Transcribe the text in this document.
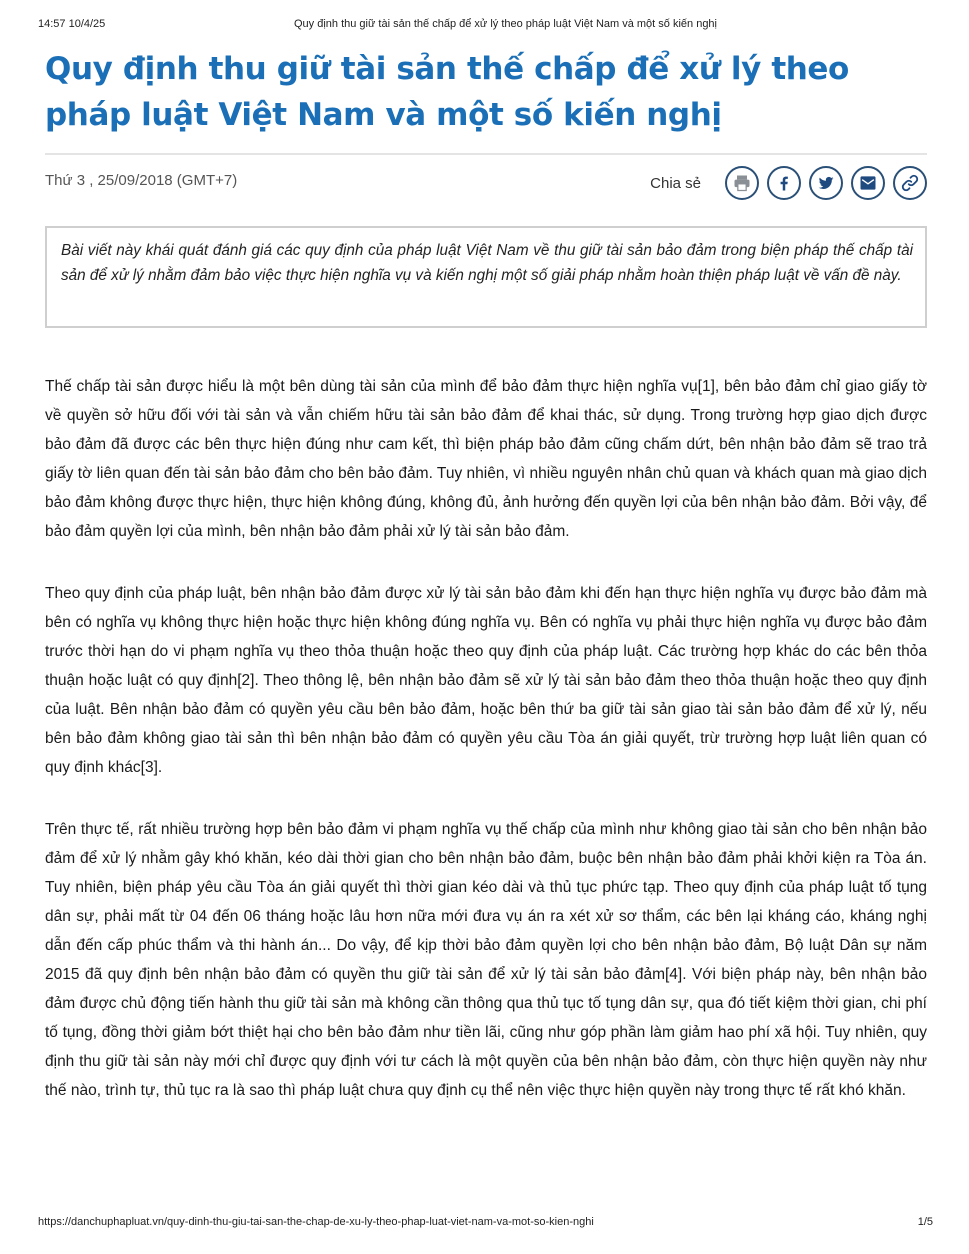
14:57 10/4/25	Quy định thu giữ tài sản thế chấp để xử lý theo pháp luật Việt Nam và một số kiến nghị
Quy định thu giữ tài sản thế chấp để xử lý theo pháp luật Việt Nam và một số kiến nghị
Thứ 3 , 25/09/2018 (GMT+7)	Chia sẻ
Bài viết này khái quát đánh giá các quy định của pháp luật Việt Nam về thu giữ tài sản bảo đảm trong biện pháp thế chấp tài sản để xử lý nhằm đảm bảo việc thực hiện nghĩa vụ và kiến nghị một số giải pháp nhằm hoàn thiện pháp luật về vấn đề này.

Thế chấp tài sản được hiểu là một bên dùng tài sản của mình để bảo đảm thực hiện nghĩa vụ[1], bên bảo đảm chỉ giao giấy tờ về quyền sở hữu đối với tài sản và vẫn chiếm hữu tài sản bảo đảm để khai thác, sử dụng. Trong trường hợp giao dịch được bảo đảm đã được các bên thực hiện đúng như cam kết, thì biện pháp bảo đảm cũng chấm dứt, bên nhận bảo đảm sẽ trao trả giấy tờ liên quan đến tài sản bảo đảm cho bên bảo đảm. Tuy nhiên, vì nhiều nguyên nhân chủ quan và khách quan mà giao dịch bảo đảm không được thực hiện, thực hiện không đúng, không đủ, ảnh hưởng đến quyền lợi của bên nhận bảo đảm. Bởi vậy, để bảo đảm quyền lợi của mình, bên nhận bảo đảm phải xử lý tài sản bảo đảm.

Theo quy định của pháp luật, bên nhận bảo đảm được xử lý tài sản bảo đảm khi đến hạn thực hiện nghĩa vụ được bảo đảm mà bên có nghĩa vụ không thực hiện hoặc thực hiện không đúng nghĩa vụ. Bên có nghĩa vụ phải thực hiện nghĩa vụ được bảo đảm trước thời hạn do vi phạm nghĩa vụ theo thỏa thuận hoặc theo quy định của pháp luật. Các trường hợp khác do các bên thỏa thuận hoặc luật có quy định[2]. Theo thông lệ, bên nhận bảo đảm sẽ xử lý tài sản bảo đảm theo thỏa thuận hoặc theo quy định của luật. Bên nhận bảo đảm có quyền yêu cầu bên bảo đảm, hoặc bên thứ ba giữ tài sản giao tài sản bảo đảm để xử lý, nếu bên bảo đảm không giao tài sản thì bên nhận bảo đảm có quyền yêu cầu Tòa án giải quyết, trừ trường hợp luật liên quan có quy định khác[3].

Trên thực tế, rất nhiều trường hợp bên bảo đảm vi phạm nghĩa vụ thế chấp của mình như không giao tài sản cho bên nhận bảo đảm để xử lý nhằm gây khó khăn, kéo dài thời gian cho bên nhận bảo đảm, buộc bên nhận bảo đảm phải khởi kiện ra Tòa án. Tuy nhiên, biện pháp yêu cầu Tòa án giải quyết thì thời gian kéo dài và thủ tục phức tạp. Theo quy định của pháp luật tố tụng dân sự, phải mất từ 04 đến 06 tháng hoặc lâu hơn nữa mới đưa vụ án ra xét xử sơ thẩm, các bên lại kháng cáo, kháng nghị dẫn đến cấp phúc thẩm và thi hành án... Do vậy, để kịp thời bảo đảm quyền lợi cho bên nhận bảo đảm, Bộ luật Dân sự năm 2015 đã quy định bên nhận bảo đảm có quyền thu giữ tài sản để xử lý tài sản bảo đảm[4]. Với biện pháp này, bên nhận bảo đảm được chủ động tiến hành thu giữ tài sản mà không cần thông qua thủ tục tố tụng dân sự, qua đó tiết kiệm thời gian, chi phí tố tụng, đồng thời giảm bớt thiệt hại cho bên bảo đảm như tiền lãi, cũng như góp phần làm giảm hao phí xã hội. Tuy nhiên, quy định thu giữ tài sản này mới chỉ được quy định với tư cách là một quyền của bên nhận bảo đảm, còn thực hiện quyền này như thế nào, trình tự, thủ tục ra là sao thì pháp luật chưa quy định cụ thể nên việc thực hiện quyền này trong thực tế rất khó khăn.

https://danchuphapluat.vn/quy-dinh-thu-giu-tai-san-the-chap-de-xu-ly-theo-phap-luat-viet-nam-va-mot-so-kien-nghi	1/5
